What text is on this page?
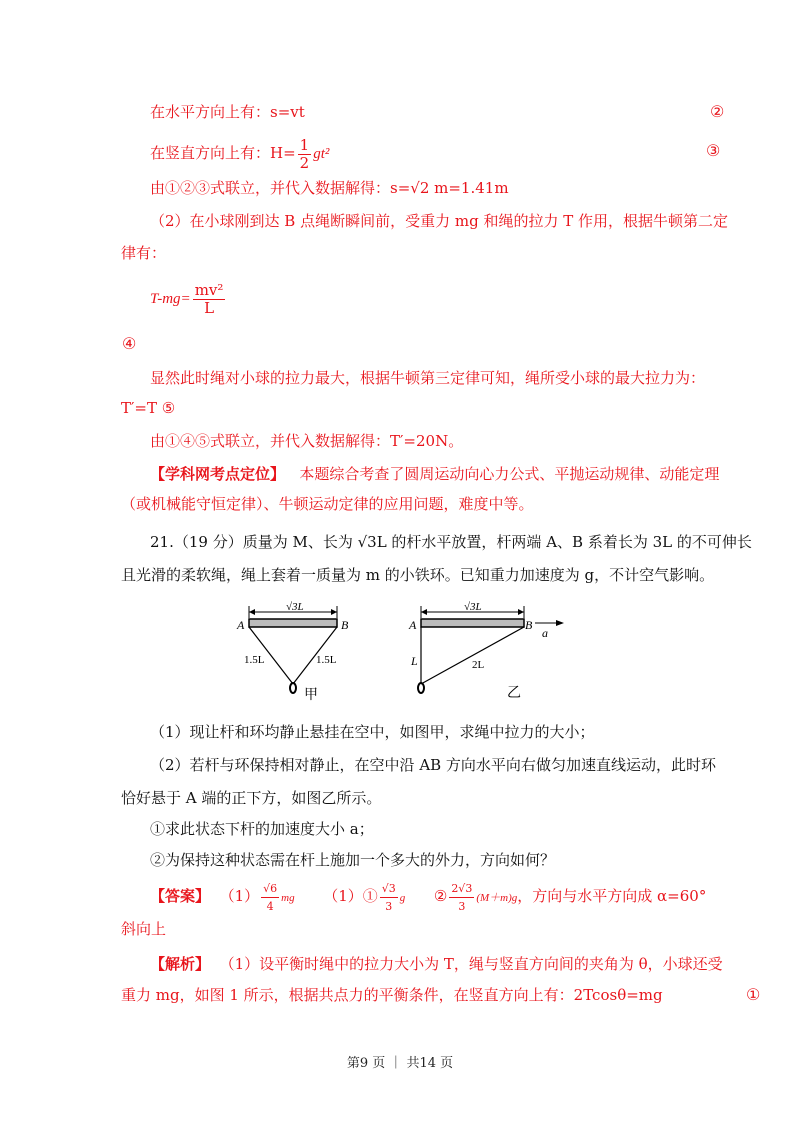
在水平方向上有：s=vt	②
在竖直方向上有：$H= \frac{1}{2} gt^2$	③
由①②③式联立，并代入数据解得：s=√2 m=1.41m
（2）在小球刚到达 B 点绳断瞬间前，受重力 mg 和绳的拉力 T 作用，根据牛顿第二定
律有：
$T-mg= \frac{\text{mv²}}{L}$
④
显然此时绳对小球的拉力最大，根据牛顿第三定律可知，绳所受小球的最大拉力为：
T′=T ⑤
由①④⑤式联立，并代入数据解得：T′=20N。
【学科网考点定位】 本题综合考查了圆周运动向心力公式、平抛运动规律、动能定理
（或机械能守恒定律）、牛顿运动定律的应用问题，难度中等。
21.（19 分）质量为 M、长为 √3L 的杆水平放置，杆两端 A、B 系着长为 3L 的不可伸长
且光滑的柔软绳，绳上套着一质量为 m 的小铁环。已知重力加速度为 g，不计空气影响。
√3L
A	B
1.5L	1.5L
甲
√3L
A	B
a
L	2L
乙
（1）现让杆和环均静止悬挂在空中，如图甲，求绳中拉力的大小；
（2）若杆与环保持相对静止，在空中沿 AB 方向水平向右做匀加速直线运动，此时环
恰好悬于 A 端的正下方，如图乙所示。
①求此状态下杆的加速度大小 a；
②为保持这种状态需在杆上施加一个多大的外力，方向如何？
【答案】 $(1) \frac{√6}{4}$ mg （1）① $\frac{√3}{3}$ g ② $\frac{2√3}{3} (M+m)g$，方向与水平方向成 α=60°
斜向上
【解析】 （1）设平衡时绳中的拉力大小为 T，绳与竖直方向间的夹角为 θ，小球还受
重力 mg，如图 1 所示，根据共点力的平衡条件，在竖直方向上有：2Tcosθ=mg	①
第9 页 ｜ 共14 页
